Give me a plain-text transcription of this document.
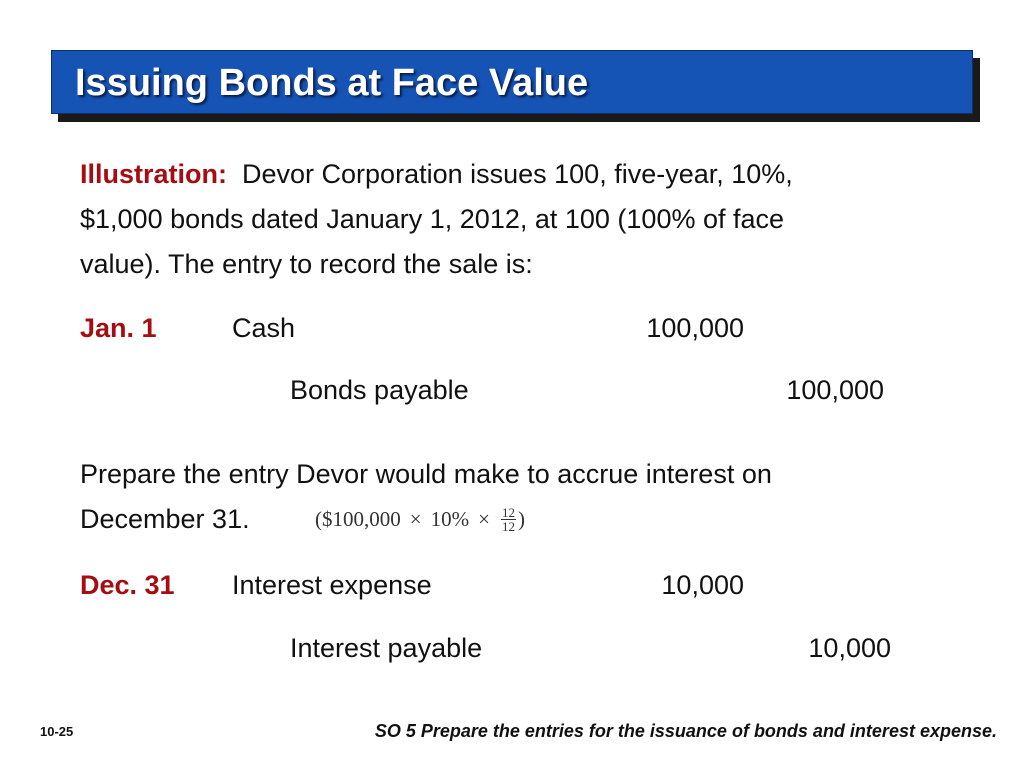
Issuing Bonds at Face Value
Illustration: Devor Corporation issues 100, five-year, 10%,
$1,000 bonds dated January 1, 2012, at 100 (100% of face
value). The entry to record the sale is:
Jan. 1	Cash	100,000
Bonds payable	100,000
Prepare the entry Devor would make to accrue interest on
December 31.	($100,000 × $10\% \times \frac{12}{12}$ )
Dec. 31 Interest expense	10,000
Interest payable	10,000
10-25	SO 5 Prepare the entries for the issuance of bonds and interest expense.
